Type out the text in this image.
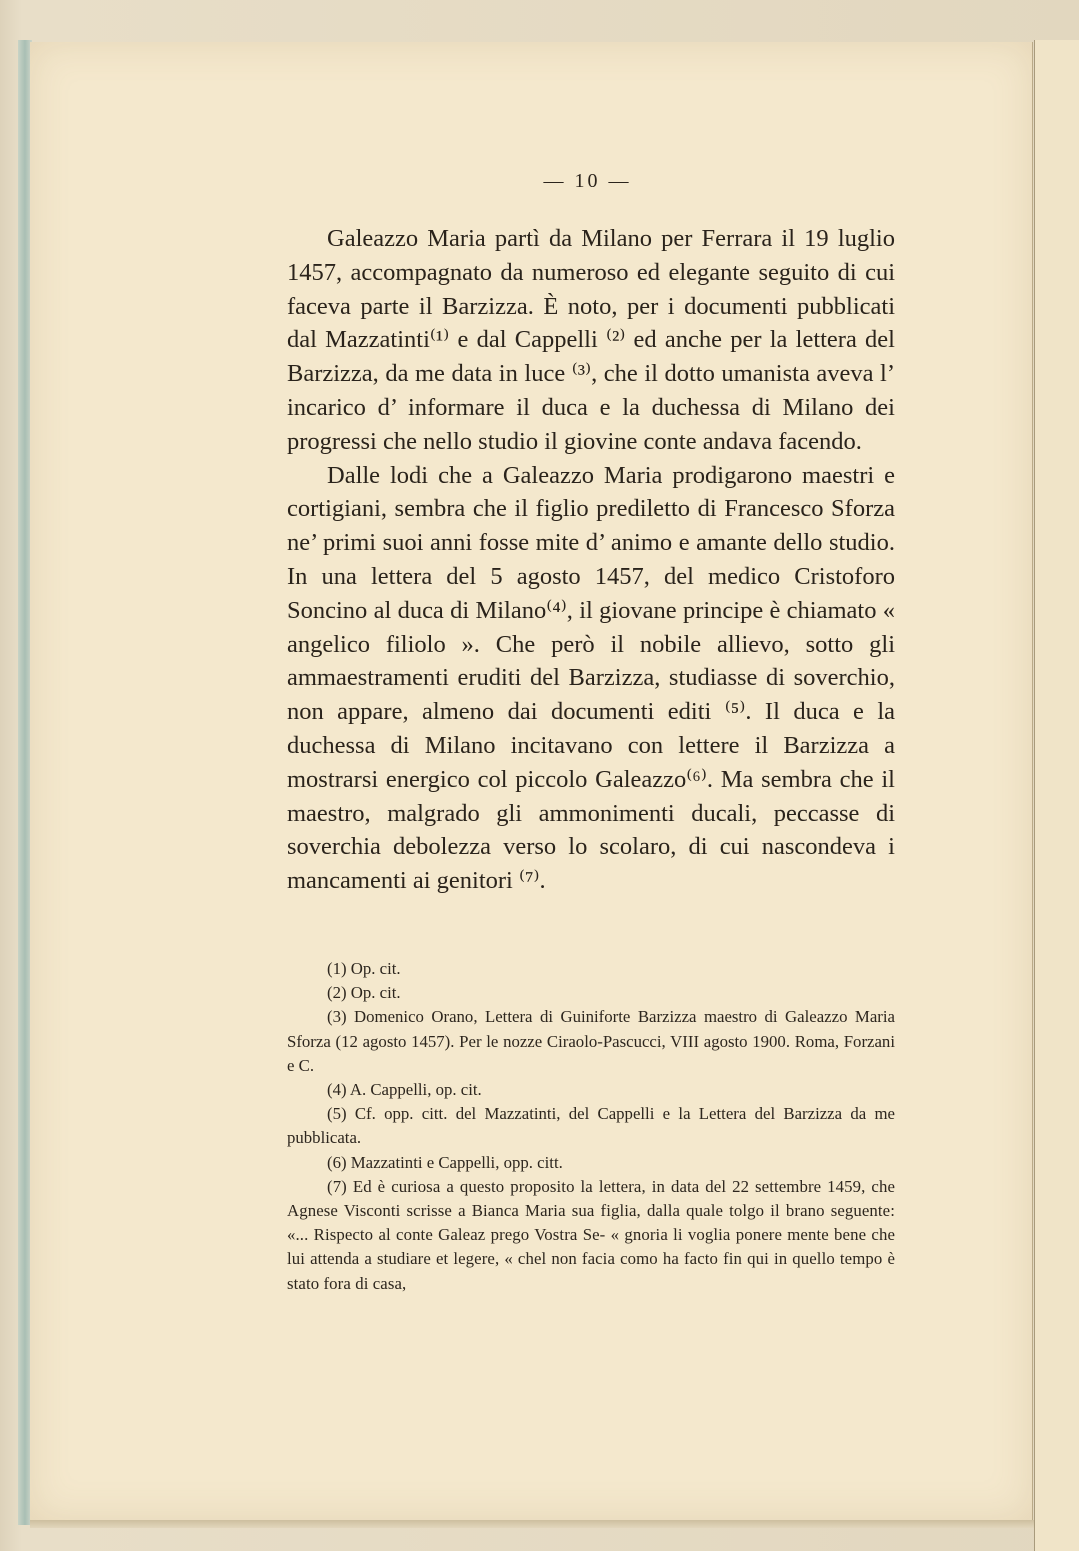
— 10 —

Galeazzo Maria partì da Milano per Ferrara il 19 luglio 1457, accompagnato da numeroso ed elegante seguito di cui faceva parte il Barzizza. È noto, per i documenti pubblicati dal Mazzatinti⁽¹⁾ e dal Cappelli ⁽²⁾ ed anche per la lettera del Barzizza, da me data in luce ⁽³⁾, che il dotto umanista aveva l’ incarico d’ informare il duca e la duchessa di Milano dei progressi che nello studio il giovine conte andava facendo.

Dalle lodi che a Galeazzo Maria prodigarono maestri e cortigiani, sembra che il figlio prediletto di Francesco Sforza ne’ primi suoi anni fosse mite d’ animo e amante dello studio. In una lettera del 5 agosto 1457, del medico Cristoforo Soncino al duca di Milano⁽⁴⁾, il giovane principe è chiamato « angelico filiolo ». Che però il nobile allievo, sotto gli ammaestramenti eruditi del Barzizza, studiasse di soverchio, non appare, almeno dai documenti editi ⁽⁵⁾. Il duca e la duchessa di Milano incitavano con lettere il Barzizza a mostrarsi energico col piccolo Galeazzo⁽⁶⁾. Ma sembra che il maestro, malgrado gli ammonimenti ducali, peccasse di soverchia debolezza verso lo scolaro, di cui nascondeva i mancamenti ai genitori ⁽⁷⁾.

(1) Op. cit.

(2) Op. cit.

(3) Domenico Orano, Lettera di Guiniforte Barzizza maestro di Galeazzo Maria Sforza (12 agosto 1457). Per le nozze Ciraolo-Pascucci, VIII agosto 1900. Roma, Forzani e C.

(4) A. Cappelli, op. cit.

(5) Cf. opp. citt. del Mazzatinti, del Cappelli e la Lettera del Barzizza da me pubblicata.

(6) Mazzatinti e Cappelli, opp. citt.

(7) Ed è curiosa a questo proposito la lettera, in data del 22 settembre 1459, che Agnese Visconti scrisse a Bianca Maria sua figlia, dalla quale tolgo il brano seguente: «... Rispecto al conte Galeaz prego Vostra Se- « gnoria li voglia ponere mente bene che lui attenda a studiare et legere, « chel non facia como ha facto fin qui in quello tempo è stato fora di casa,
